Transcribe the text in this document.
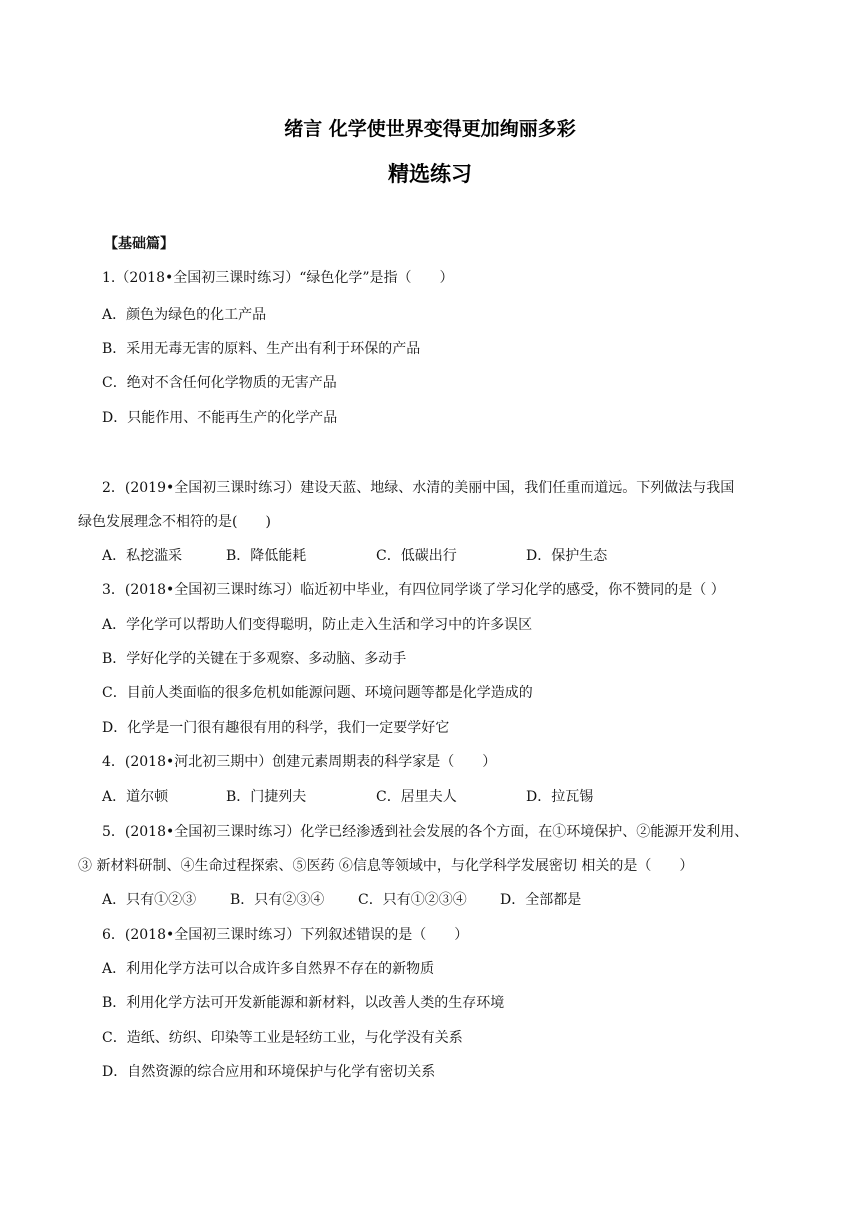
绪言 化学使世界变得更加绚丽多彩
精选练习
【基础篇】
1.（2018•全国初三课时练习）“绿色化学”是指（　　）
A．颜色为绿色的化工产品
B．采用无毒无害的原料、生产出有利于环保的产品
C．绝对不含任何化学物质的无害产品
D．只能作用、不能再生产的化学产品
2．(2019•全国初三课时练习）建设天蓝、地绿、水清的美丽中国，我们任重而道远。下列做法与我国
绿色发展理念不相符的是(　　)
A．私挖滥采	B．降低能耗	C．低碳出行	D．保护生态
3．(2018•全国初三课时练习）临近初中毕业，有四位同学谈了学习化学的感受，你不赞同的是（ ）
A．学化学可以帮助人们变得聪明，防止走入生活和学习中的许多误区
B．学好化学的关键在于多观察、多动脑、多动手
C．目前人类面临的很多危机如能源问题、环境问题等都是化学造成的
D．化学是一门很有趣很有用的科学，我们一定要学好它
4．(2018•河北初三期中）创建元素周期表的科学家是（　　）
A．道尔顿	B．门捷列夫	C．居里夫人	D．拉瓦锡
5．(2018•全国初三课时练习）化学已经渗透到社会发展的各个方面，在①环境保护、②能源开发利用、
③ 新材料研制、④生命过程探索、⑤医药 ⑥信息等领域中，与化学科学发展密切 相关的是（　　）
A．只有①②③ B．只有②③④ C．只有①②③④ D．全部都是
6．(2018•全国初三课时练习）下列叙述错误的是（　　）
A．利用化学方法可以合成许多自然界不存在的新物质
B．利用化学方法可开发新能源和新材料，以改善人类的生存环境
C．造纸、纺织、印染等工业是轻纺工业，与化学没有关系
D．自然资源的综合应用和环境保护与化学有密切关系
